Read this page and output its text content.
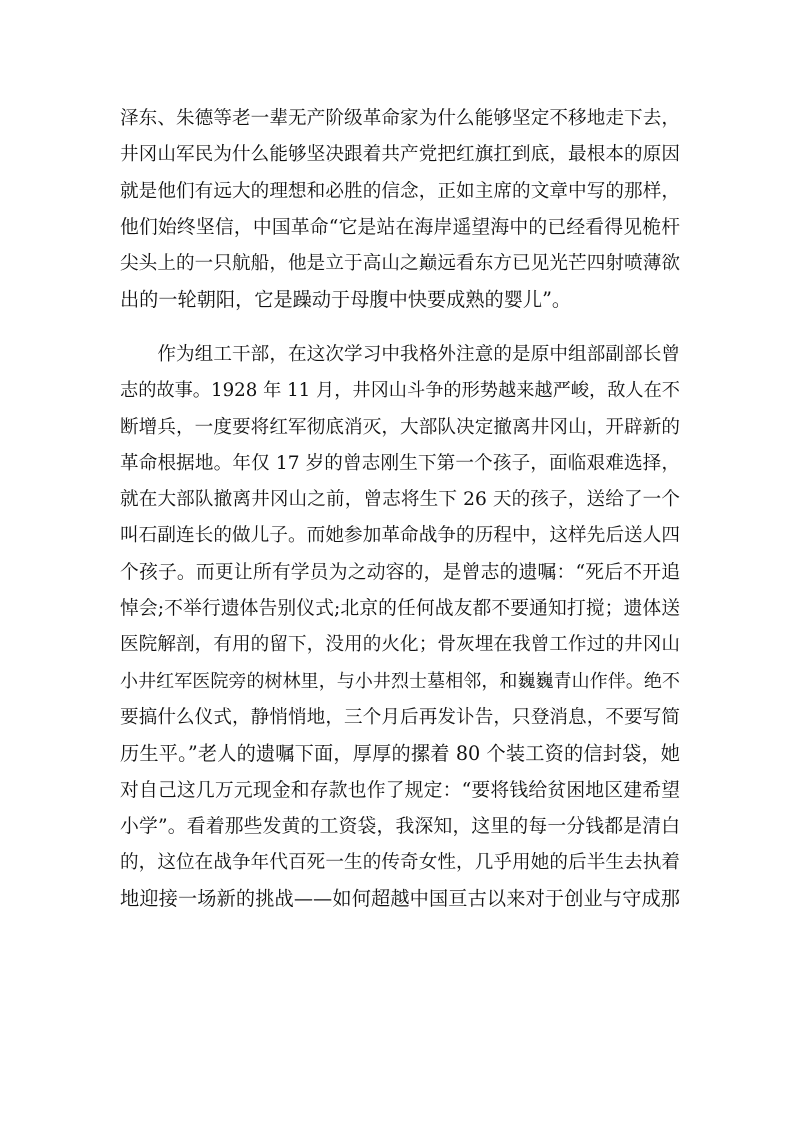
泽东、朱德等老一辈无产阶级革命家为什么能够坚定不移地走下去，
井冈山军民为什么能够坚决跟着共产党把红旗扛到底，最根本的原因
就是他们有远大的理想和必胜的信念，正如主席的文章中写的那样，
他们始终坚信，中国革命“它是站在海岸遥望海中的已经看得见桅杆
尖头上的一只航船，他是立于高山之巅远看东方已见光芒四射喷薄欲
出的一轮朝阳，它是躁动于母腹中快要成熟的婴儿”。

　　作为组工干部，在这次学习中我格外注意的是原中组部副部长曾
志的故事。1928 年 11 月，井冈山斗争的形势越来越严峻，敌人在不
断增兵，一度要将红军彻底消灭，大部队决定撤离井冈山，开辟新的
革命根据地。年仅 17 岁的曾志刚生下第一个孩子，面临艰难选择，
就在大部队撤离井冈山之前，曾志将生下 26 天的孩子，送给了一个
叫石副连长的做儿子。而她参加革命战争的历程中，这样先后送人四
个孩子。而更让所有学员为之动容的，是曾志的遗嘱：“死后不开追
悼会;不举行遗体告别仪式;北京的任何战友都不要通知打搅；遗体送
医院解剖，有用的留下，没用的火化；骨灰埋在我曾工作过的井冈山
小井红军医院旁的树林里，与小井烈士墓相邻，和巍巍青山作伴。绝不
要搞什么仪式，静悄悄地，三个月后再发讣告，只登消息，不要写简
历生平。”老人的遗嘱下面，厚厚的摞着 80 个装工资的信封袋，她
对自己这几万元现金和存款也作了规定：“要将钱给贫困地区建希望
小学”。看着那些发黄的工资袋，我深知，这里的每一分钱都是清白
的，这位在战争年代百死一生的传奇女性，几乎用她的后半生去执着
地迎接一场新的挑战——如何超越中国亘古以来对于创业与守成那
